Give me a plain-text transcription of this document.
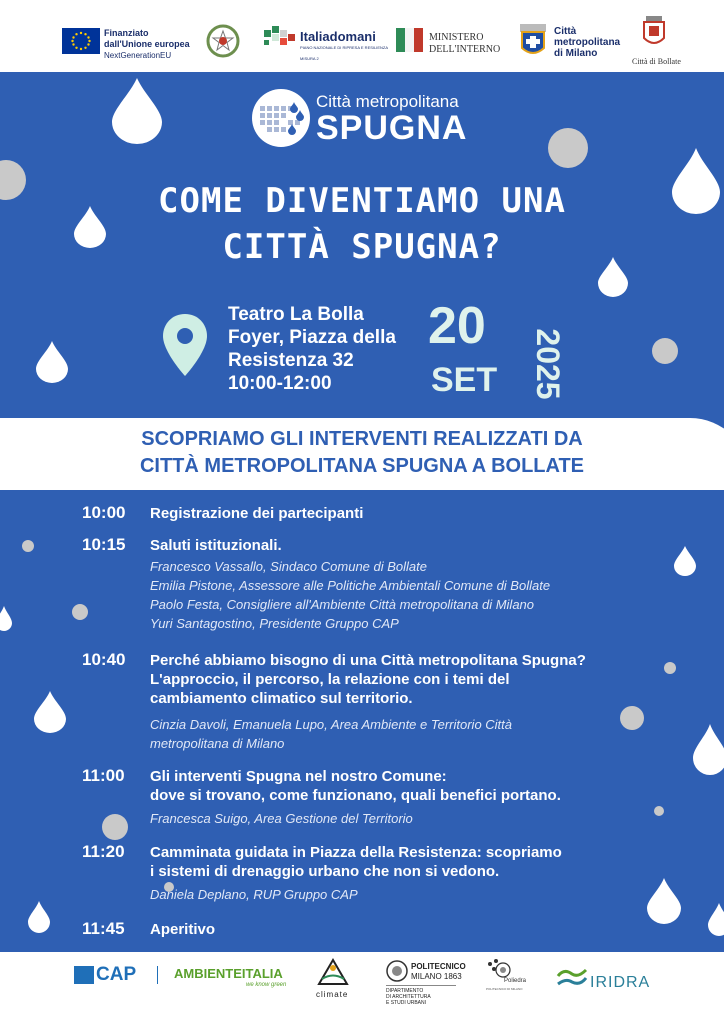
Finanziato
dall'Unione europea
NextGenerationEU
Italiadomani
PIANO NAZIONALE DI RIPRESA E RESILIENZA
MISURA 2
MINISTERO
DELL'INTERNO
Città
metropolitana
di Milano
Città di Bollate
Città metropolitana
SPUGNA
COME DIVENTIAMO UNA
CITTÀ SPUGNA?
Teatro La Bolla
Foyer, Piazza della
Resistenza 32
10:00-12:00
20
SET 2025
SCOPRIAMO GLI INTERVENTI REALIZZATI DA
CITTÀ METROPOLITANA SPUGNA A BOLLATE
10:00 Registrazione dei partecipanti
10:15 Saluti istituzionali.
Francesco Vassallo, Sindaco Comune di Bollate
Emilia Pistone, Assessore alle Politiche Ambientali Comune di Bollate
Paolo Festa, Consigliere all'Ambiente Città metropolitana di Milano
Yuri Santagostino, Presidente Gruppo CAP
10:40 Perché abbiamo bisogno di una Città metropolitana Spugna?
L'approccio, il percorso, la relazione con i temi del
cambiamento climatico sul territorio.
Cinzia Davoli, Emanuela Lupo, Area Ambiente e Territorio Città
metropolitana di Milano
11:00 Gli interventi Spugna nel nostro Comune:
dove si trovano, come funzionano, quali benefici portano.
Francesca Suigo, Area Gestione del Territorio
11:20 Camminata guidata in Piazza della Resistenza: scopriamo
i sistemi di drenaggio urbano che non si vedono.
Daniela Deplano, RUP Gruppo CAP
11:45 Aperitivo
CAP	AMBIENTEITALIA
we know green
climate
POLITECNICO
MILANO 1863
DIPARTIMENTO
DI ARCHITETTURA
E STUDI URBANI
Poliedra
POLITECNICO DI MILANO	IRIDRA
